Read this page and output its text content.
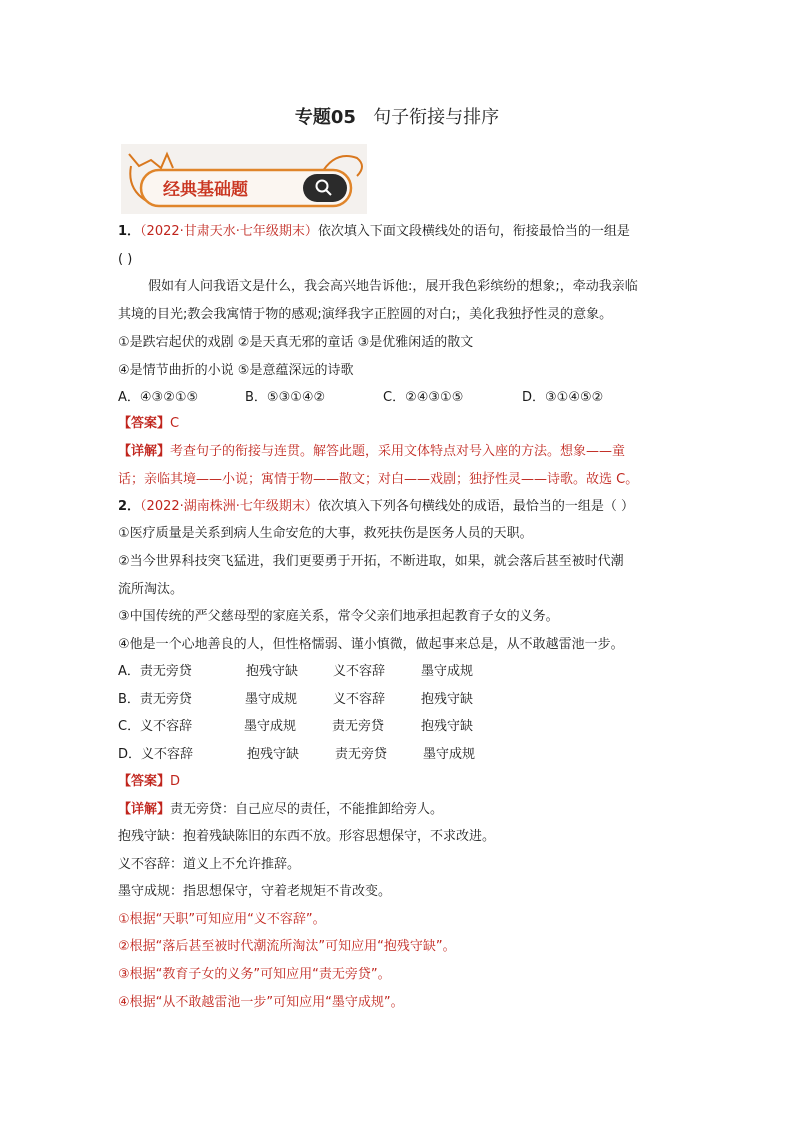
专题05 句子衔接与排序
经典基础题
1．（2022·甘肃天水·七年级期末）依次填入下面文段横线处的语句，衔接最恰当的一组是
( )
假如有人问我语文是什么，我会高兴地告诉他:，展开我色彩缤纷的想象;，牵动我亲临
其境的目光;教会我寓情于物的感观;演绎我字正腔圆的对白;，美化我独抒性灵的意象。
①是跌宕起伏的戏剧 ②是天真无邪的童话 ③是优雅闲适的散文
④是情节曲折的小说 ⑤是意蕴深远的诗歌
A．④③②①⑤	B．⑤③①④②	C．②④③①⑤	D．③①④⑤②
【答案】C
【详解】考查句子的衔接与连贯。解答此题，采用文体特点对号入座的方法。想象——童
话；亲临其境——小说；寓情于物——散文；对白——戏剧；独抒性灵——诗歌。故选 C。
2．（2022·湖南株洲·七年级期末）依次填入下列各句横线处的成语，最恰当的一组是（ ）
①医疗质量是关系到病人生命安危的大事，救死扶伤是医务人员的天职。
②当今世界科技突飞猛进，我们更要勇于开拓，不断进取，如果，就会落后甚至被时代潮
流所淘汰。
③中国传统的严父慈母型的家庭关系，常令父亲们地承担起教育子女的义务。
④他是一个心地善良的人，但性格懦弱、谨小慎微，做起事来总是，从不敢越雷池一步。
A．责无旁贷	抱残守缺	义不容辞	墨守成规
B．责无旁贷	墨守成规	义不容辞	抱残守缺
C．义不容辞	墨守成规	责无旁贷	抱残守缺
D．义不容辞	抱残守缺	责无旁贷	墨守成规
【答案】D
【详解】责无旁贷：自己应尽的责任，不能推卸给旁人。
抱残守缺：抱着残缺陈旧的东西不放。形容思想保守，不求改进。
义不容辞：道义上不允许推辞。
墨守成规：指思想保守，守着老规矩不肯改变。
①根据“天职”可知应用“义不容辞”。
②根据“落后甚至被时代潮流所淘汰”可知应用“抱残守缺”。
③根据“教育子女的义务”可知应用“责无旁贷”。
④根据“从不敢越雷池一步”可知应用“墨守成规”。
